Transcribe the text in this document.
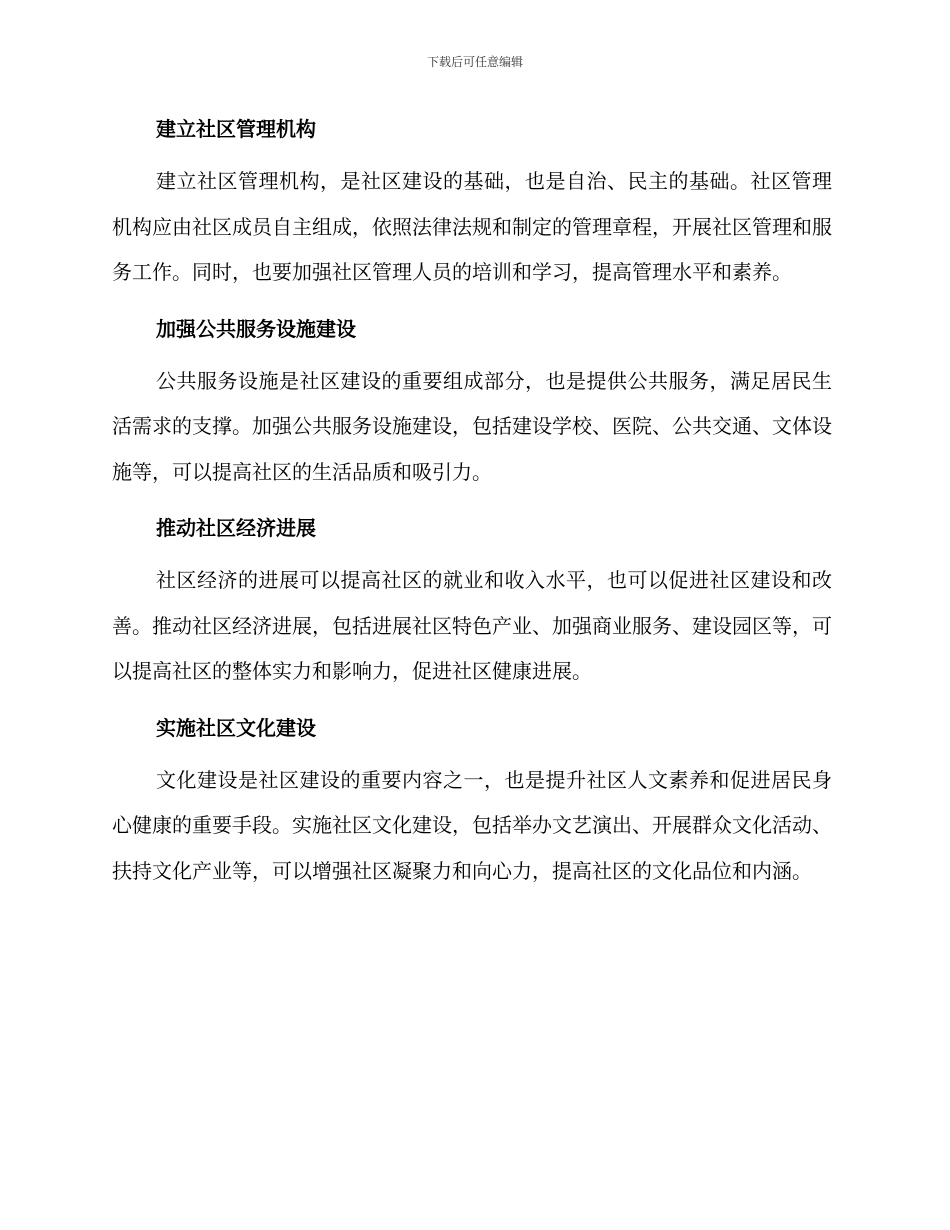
下载后可任意编辑
建立社区管理机构

建立社区管理机构，是社区建设的基础，也是自治、民主的基础。社区管理机构应由社区成员自主组成，依照法律法规和制定的管理章程，开展社区管理和服务工作。同时，也要加强社区管理人员的培训和学习，提高管理水平和素养。

加强公共服务设施建设

公共服务设施是社区建设的重要组成部分，也是提供公共服务，满足居民生活需求的支撑。加强公共服务设施建设，包括建设学校、医院、公共交通、文体设施等，可以提高社区的生活品质和吸引力。

推动社区经济进展

社区经济的进展可以提高社区的就业和收入水平，也可以促进社区建设和改善。推动社区经济进展，包括进展社区特色产业、加强商业服务、建设园区等，可以提高社区的整体实力和影响力，促进社区健康进展。

实施社区文化建设

文化建设是社区建设的重要内容之一，也是提升社区人文素养和促进居民身心健康的重要手段。实施社区文化建设，包括举办文艺演出、开展群众文化活动、扶持文化产业等，可以增强社区凝聚力和向心力，提高社区的文化品位和内涵。
